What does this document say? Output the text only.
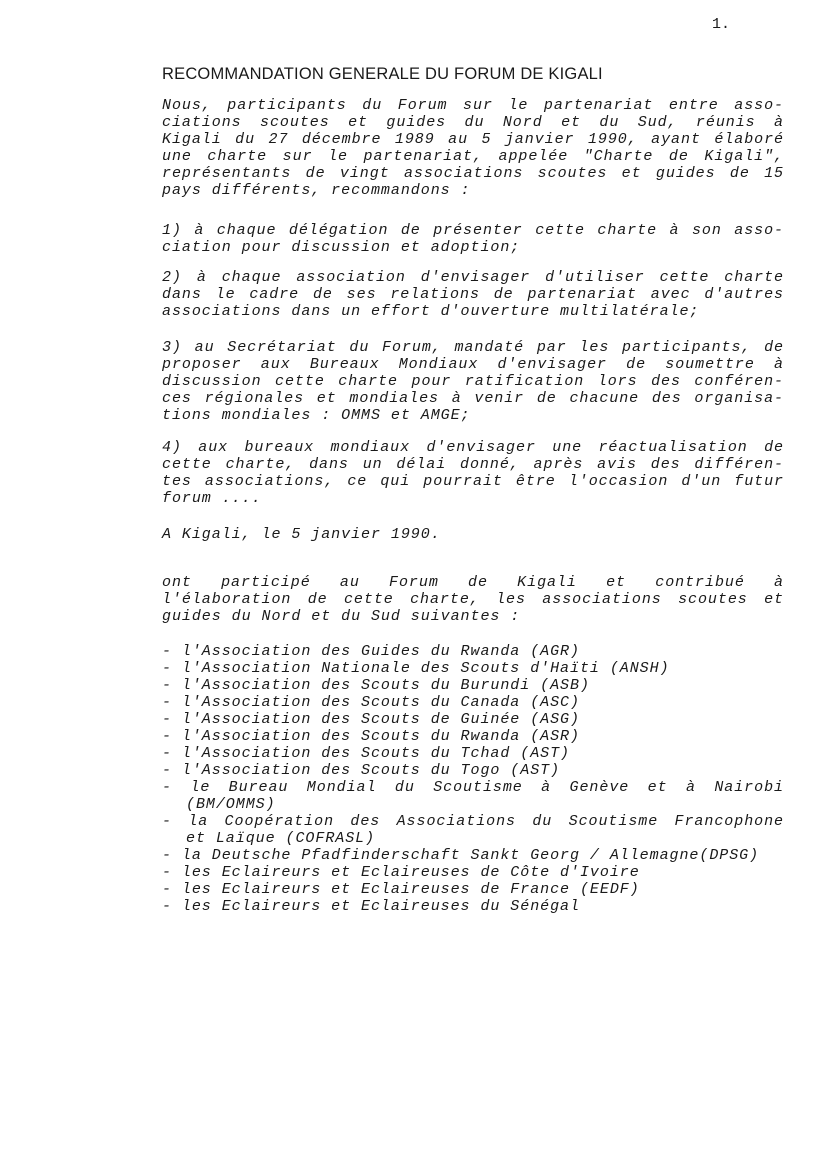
1.
RECOMMANDATION GENERALE DU FORUM DE KIGALI
Nous, participants du Forum sur le partenariat entre asso-
ciations scoutes et guides du Nord et du Sud, réunis à
Kigali du 27 décembre 1989 au 5 janvier 1990, ayant élaboré
une charte sur le partenariat, appelée "Charte de Kigali",
représentants de vingt associations scoutes et guides de 15
pays différents, recommandons :
1) à chaque délégation de présenter cette charte à son asso-
ciation pour discussion et adoption;
2) à chaque association d'envisager d'utiliser cette charte
dans le cadre de ses relations de partenariat avec d'autres
associations dans un effort d'ouverture multilatérale;
3) au Secrétariat du Forum, mandaté par les participants, de
proposer aux Bureaux Mondiaux d'envisager de soumettre à
discussion cette charte pour ratification lors des conféren-
ces régionales et mondiales à venir de chacune des organisa-
tions mondiales : OMMS et AMGE;
4) aux bureaux mondiaux d'envisager une réactualisation de
cette charte, dans un délai donné, après avis des différen-
tes associations, ce qui pourrait être l'occasion d'un futur
forum ....
A Kigali, le 5 janvier 1990.
ont participé au Forum de Kigali et contribué à
l'élaboration de cette charte, les associations scoutes et
guides du Nord et du Sud suivantes :
- l'Association des Guides du Rwanda (AGR)
- l'Association Nationale des Scouts d'Haïti (ANSH)
- l'Association des Scouts du Burundi (ASB)
- l'Association des Scouts du Canada (ASC)
- l'Association des Scouts de Guinée (ASG)
- l'Association des Scouts du Rwanda (ASR)
- l'Association des Scouts du Tchad (AST)
- l'Association des Scouts du Togo (AST)
- le Bureau Mondial du Scoutisme à Genève et à Nairobi
(BM/OMMS)
- la Coopération des Associations du Scoutisme Francophone
et Laïque (COFRASL)
- la Deutsche Pfadfinderschaft Sankt Georg / Allemagne(DPSG)
- les Eclaireurs et Eclaireuses de Côte d'Ivoire
- les Eclaireurs et Eclaireuses de France (EEDF)
- les Eclaireurs et Eclaireuses du Sénégal
